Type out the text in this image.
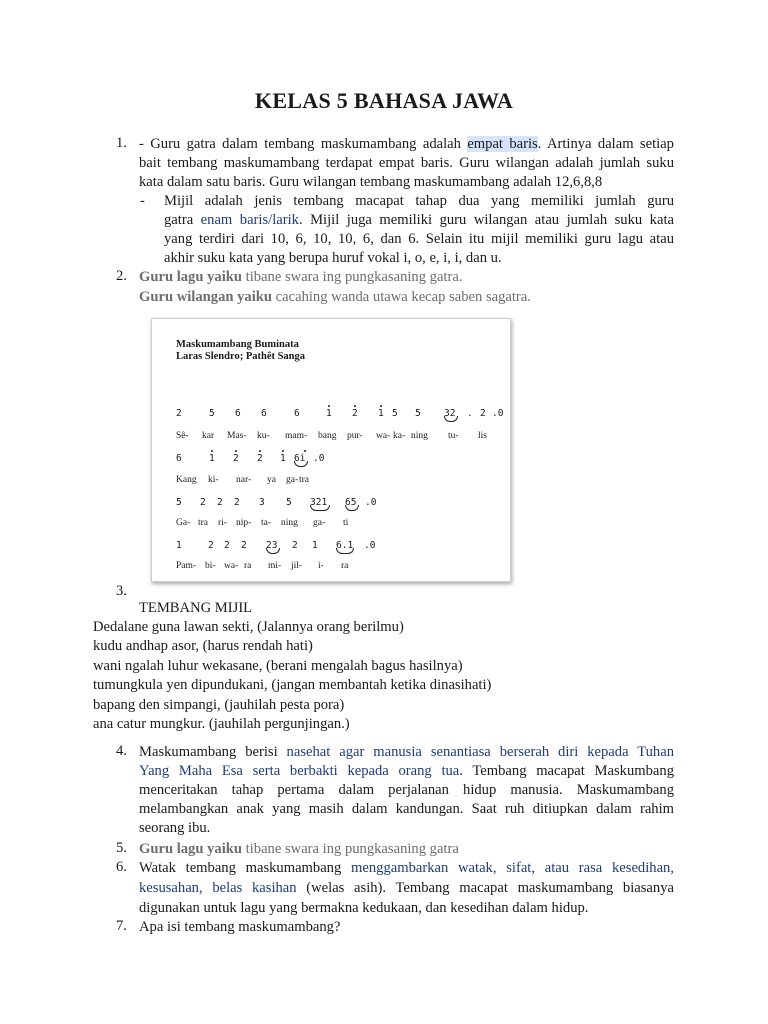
KELAS 5 BAHASA JAWA
1. - Guru gatra dalam tembang maskumambang adalah empat baris. Artinya dalam setiap
bait tembang maskumambang terdapat empat baris. Guru wilangan adalah jumlah suku
kata dalam satu baris. Guru wilangan tembang maskumambang adalah 12,6,8,8
- Mijil adalah jenis tembang macapat tahap dua yang memiliki jumlah guru
gatra enam baris/larik. Mijil juga memiliki guru wilangan atau jumlah suku kata
yang terdiri dari 10, 6, 10, 10, 6, dan 6. Selain itu mijil memiliki guru lagu atau
akhir suku kata yang berupa huruf vokal i, o, e, i, i, dan u.
2. Guru lagu yaiku tibane swara ing pungkasaning gatra.
Guru wilangan yaiku cacahing wanda utawa kecap saben sagatra.
Maskumambang Buminata
Laras Slendro; Pathêt Sanga
2	5 6 6	6	1 2 1 5 5 32 . 2 .0
Sê- kar Mas- ku- mam- bang pur- wa- ka- ning tu- lis
6	1 2 2 1 6i .0
Kang ki- nar- ya ga- tra
5 2 2 2 3 5 321 65 .0
Ga- tra ri- nip- ta- ning ga- ti
1	2 2 2 23 2 1 6.1 .0
Pam- bi- wa- ra mi- jil- i- ra
3.
TEMBANG MIJIL
Dedalane guna lawan sekti, (Jalannya orang berilmu)
kudu andhap asor, (harus rendah hati)
wani ngalah luhur wekasane, (berani mengalah bagus hasilnya)
tumungkula yen dipundukani, (jangan membantah ketika dinasihati)
bapang den simpangi, (jauhilah pesta pora)
ana catur mungkur. (jauhilah pergunjingan.)
4. Maskumambang berisi nasehat agar manusia senantiasa berserah diri kepada Tuhan
Yang Maha Esa serta berbakti kepada orang tua. Tembang macapat Maskumbang
menceritakan tahap pertama dalam perjalanan hidup manusia. Maskumambang
melambangkan anak yang masih dalam kandungan. Saat ruh ditiupkan dalam rahim
seorang ibu.
5. Guru lagu yaiku tibane swara ing pungkasaning gatra
6. Watak tembang maskumambang menggambarkan watak, sifat, atau rasa kesedihan,
kesusahan, belas kasihan (welas asih). Tembang macapat maskumambang biasanya
digunakan untuk lagu yang bermakna kedukaan, dan kesedihan dalam hidup.
7. Apa isi tembang maskumambang?
